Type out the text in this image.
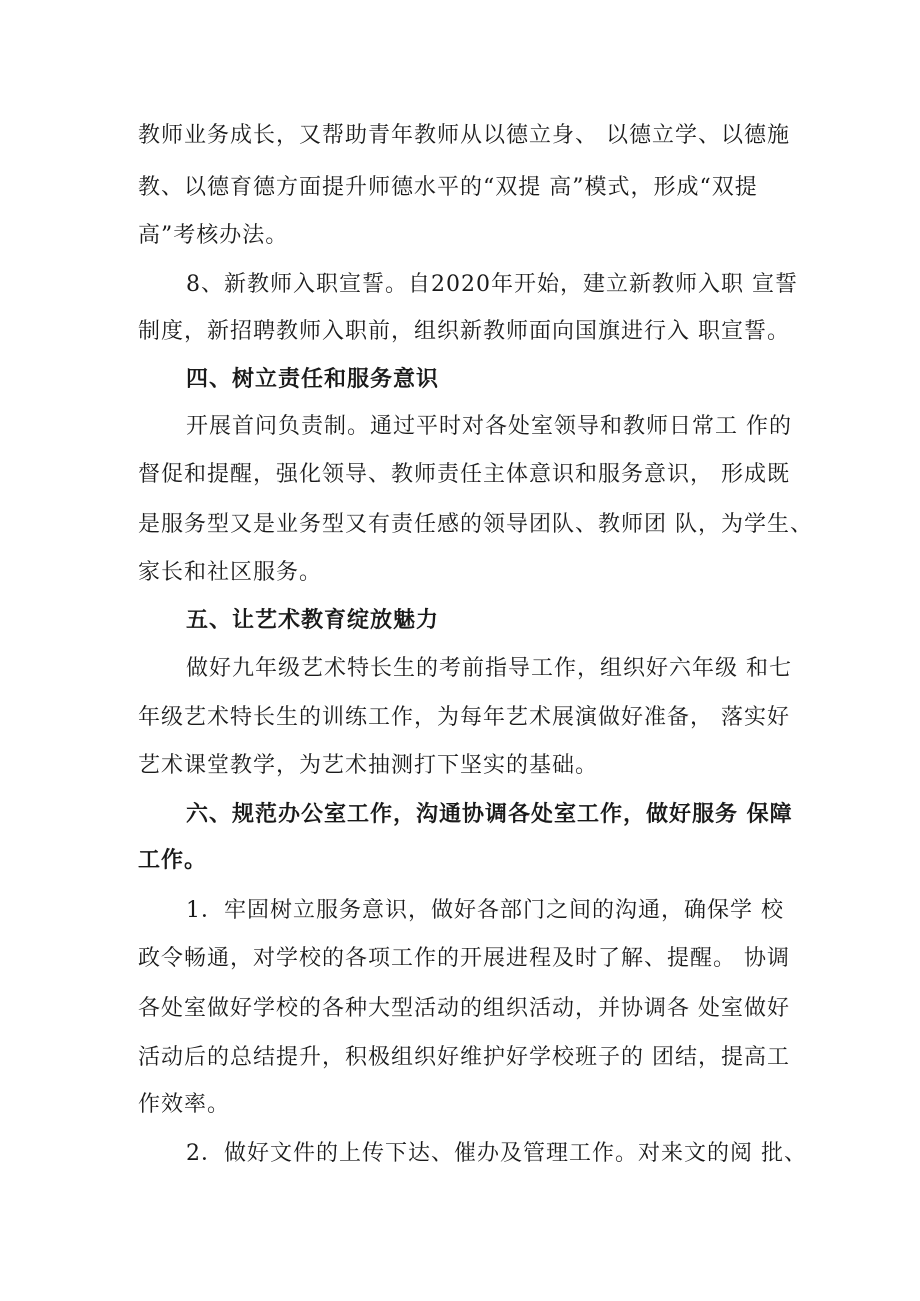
教师业务成长，又帮助青年教师从以德立身、 以德立学、以德施
教、以德育德方面提升师德水平的“双提 高”模式，形成“双提
高”考核办法。
8、新教师入职宣誓。自2020年开始，建立新教师入职 宣誓
制度，新招聘教师入职前，组织新教师面向国旗进行入 职宣誓。
四、树立责任和服务意识
开展首问负责制。通过平时对各处室领导和教师日常工 作的
督促和提醒，强化领导、教师责任主体意识和服务意识， 形成既
是服务型又是业务型又有责任感的领导团队、教师团 队，为学生、
家长和社区服务。
五、让艺术教育绽放魅力
做好九年级艺术特长生的考前指导工作，组织好六年级 和七
年级艺术特长生的训练工作，为每年艺术展演做好准备， 落实好
艺术课堂教学，为艺术抽测打下坚实的基础。
六、规范办公室工作，沟通协调各处室工作，做好服务 保障
工作。
1．牢固树立服务意识，做好各部门之间的沟通，确保学 校
政令畅通，对学校的各项工作的开展进程及时了解、提醒。 协调
各处室做好学校的各种大型活动的组织活动，并协调各 处室做好
活动后的总结提升，积极组织好维护好学校班子的 团结，提高工
作效率。
2．做好文件的上传下达、催办及管理工作。对来文的阅 批、
